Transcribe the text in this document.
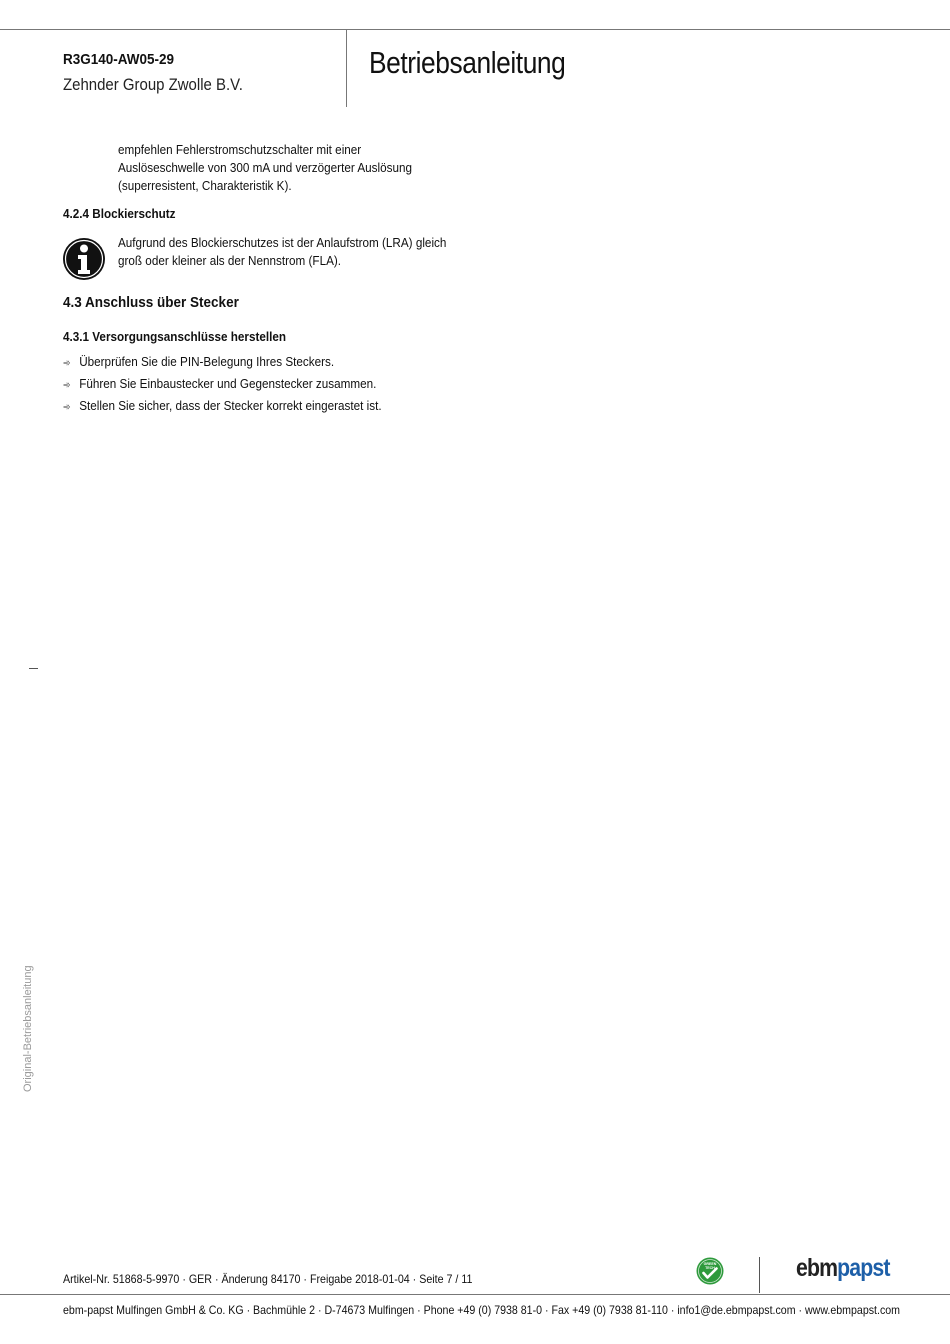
R3G140-AW05-29
Zehnder Group Zwolle B.V.
Betriebsanleitung
empfehlen Fehlerstromschutzschalter mit einer
Auslöseschwelle von 300 mA und verzögerter Auslösung
(superresistent, Charakteristik K).
4.2.4 Blockierschutz
Aufgrund des Blockierschutzes ist der Anlaufstrom (LRA) gleich
groß oder kleiner als der Nennstrom (FLA).
4.3 Anschluss über Stecker
4.3.1 Versorgungsanschlüsse herstellen
➾ Überprüfen Sie die PIN-Belegung Ihres Steckers.
➾ Führen Sie Einbaustecker und Gegenstecker zusammen.
➾ Stellen Sie sicher, dass der Stecker korrekt eingerastet ist.
Original-Betriebsanleitung
Artikel-Nr. 51868-5-9970 · GER · Änderung 84170 · Freigabe 2018-01-04 · Seite 7 / 11
GREEN
TECH	ebmpapst
ebm-papst Mulfingen GmbH & Co. KG · Bachmühle 2 · D-74673 Mulfingen · Phone +49 (0) 7938 81-0 · Fax +49 (0) 7938 81-110 · info1@de.ebmpapst.com · www.ebmpapst.com
